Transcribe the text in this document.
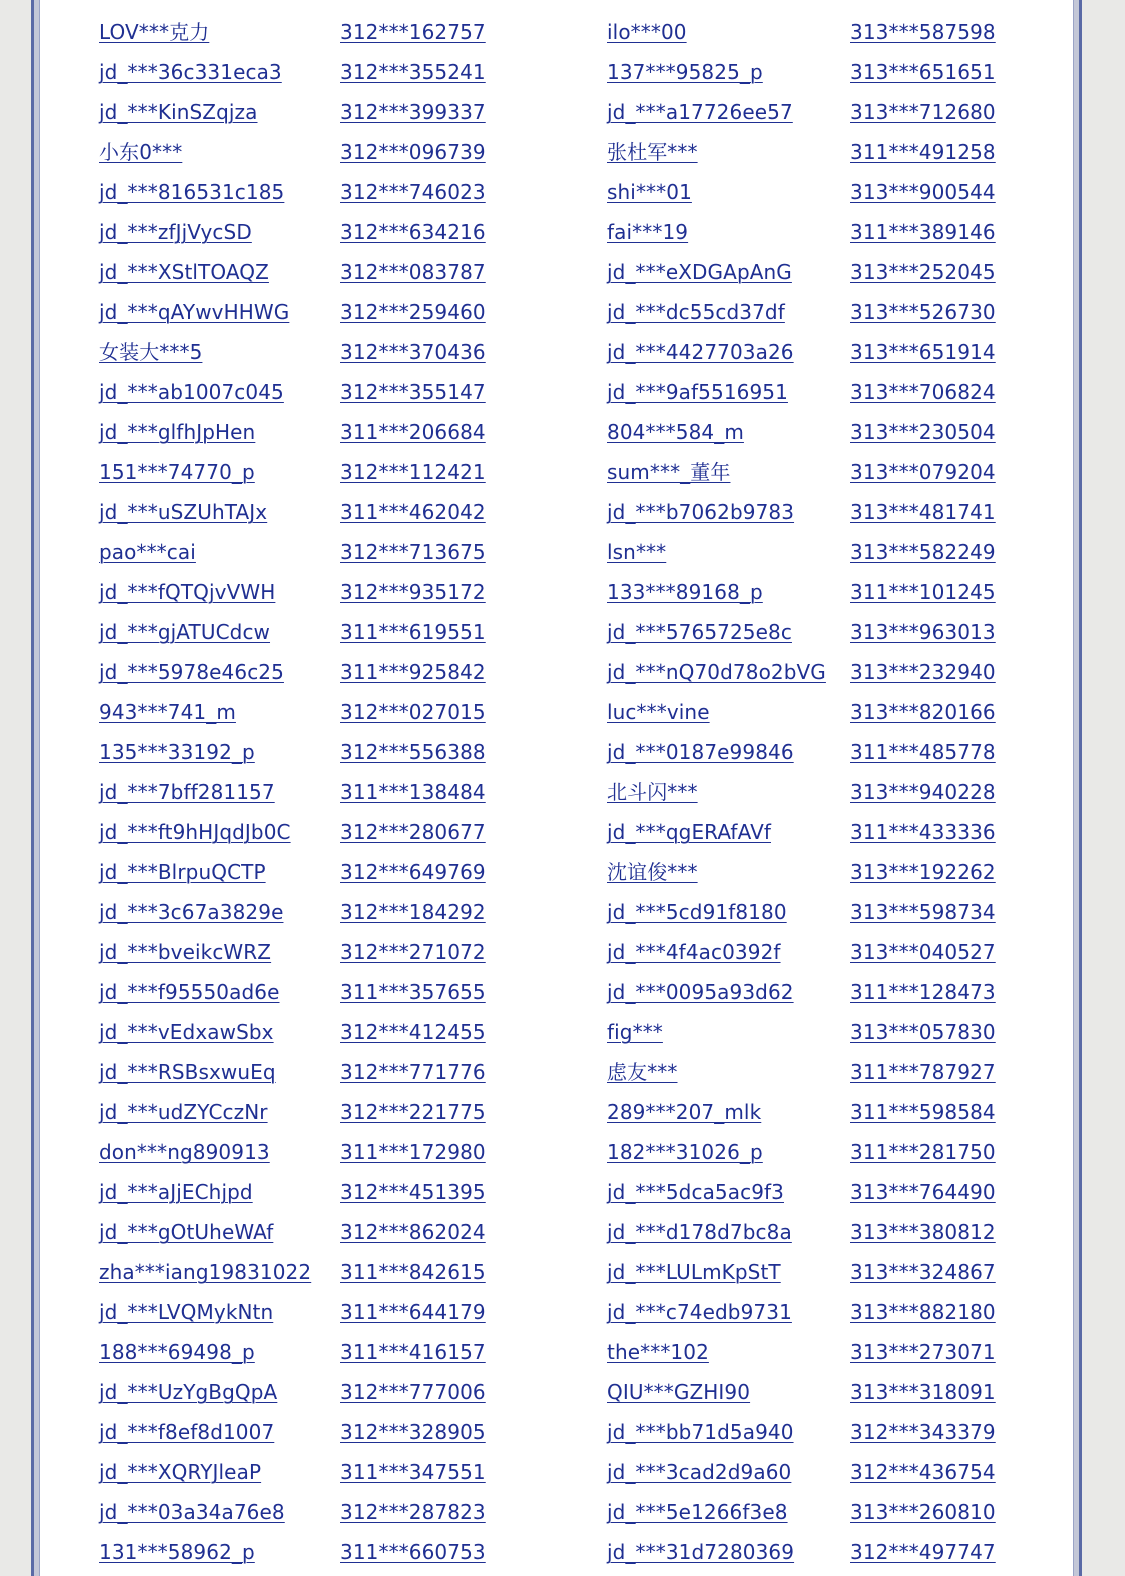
LOV***克力	312***162757	ilo***00	313***587598
jd_***36c331eca3	312***355241	137***95825_p	313***651651
jd_***KinSZqjza	312***399337	jd_***a17726ee57	313***712680
小东0***	312***096739	张杜军***	311***491258
jd_***816531c185	312***746023	shi***01	313***900544
jd_***zfJjVycSD	312***634216	fai***19	311***389146
jd_***XStlTOAQZ	312***083787	jd_***eXDGApAnG	313***252045
jd_***qAYwvHHWG	312***259460	jd_***dc55cd37df	313***526730
女装大***5	312***370436	jd_***4427703a26	313***651914
jd_***ab1007c045	312***355147	jd_***9af5516951	313***706824
jd_***glfhJpHen	311***206684	804***584_m	313***230504
151***74770_p	312***112421	sum***_董年	313***079204
jd_***uSZUhTAJx	311***462042	jd_***b7062b9783	313***481741
pao***cai	312***713675	lsn***	313***582249
jd_***fQTQjvVWH	312***935172	133***89168_p	311***101245
jd_***gjATUCdcw	311***619551	jd_***5765725e8c	313***963013
jd_***5978e46c25	311***925842	jd_***nQ70d78o2bVG 313***232940
943***741_m	312***027015	luc***vine	313***820166
135***33192_p	312***556388	jd_***0187e99846	311***485778
jd_***7bff281157	311***138484	北斗闪***	313***940228
jd_***ft9hHJqdJb0C 312***280677	jd_***qgERAfAVf	311***433336
jd_***BlrpuQCTP	312***649769	沈谊俊***	313***192262
jd_***3c67a3829e	312***184292	jd_***5cd91f8180	313***598734
jd_***bveikcWRZ	312***271072	jd_***4f4ac0392f	313***040527
jd_***f95550ad6e	311***357655	jd_***0095a93d62	311***128473
jd_***vEdxawSbx	312***412455	fig***	313***057830
jd_***RSBsxwuEq	312***771776	虑友***	311***787927
jd_***udZYCczNr	312***221775	289***207_mlk	311***598584
don***ng890913	311***172980	182***31026_p	311***281750
jd_***aJjEChjpd	312***451395	jd_***5dca5ac9f3	313***764490
jd_***gOtUheWAf	312***862024	jd_***d178d7bc8a	313***380812
zha***iang19831022 311***842615	jd_***LULmKpStT	313***324867
jd_***LVQMykNtn	311***644179	jd_***c74edb9731	313***882180
188***69498_p	311***416157	the***102	313***273071
jd_***UzYgBgQpA	312***777006	QIU***GZHI90	313***318091
jd_***f8ef8d1007	312***328905	jd_***bb71d5a940	312***343379
jd_***XQRYJleaP	311***347551	jd_***3cad2d9a60	312***436754
jd_***03a34a76e8	312***287823	jd_***5e1266f3e8	313***260810
131***58962_p	311***660753	jd_***31d7280369	312***497747
